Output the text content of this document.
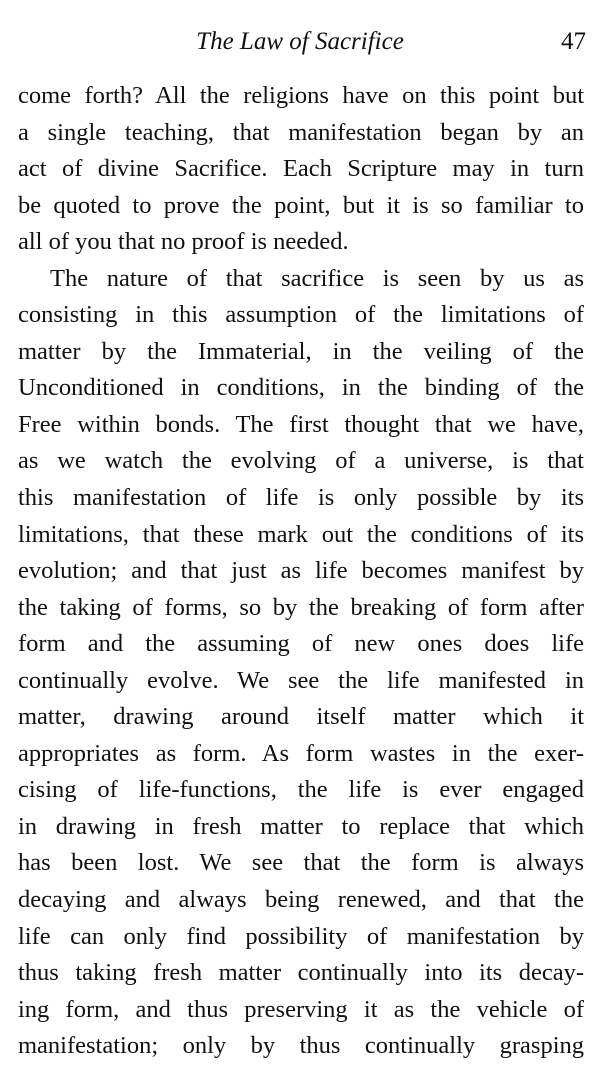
The Law of Sacrifice	47
come forth? All the religions have on this point but
a single teaching, that manifestation began by an
act of divine Sacrifice. Each Scripture may in turn
be quoted to prove the point, but it is so familiar to
all of you that no proof is needed.
The nature of that sacrifice is seen by us as
consisting in this assumption of the limitations of
matter by the Immaterial, in the veiling of the
Unconditioned in conditions, in the binding of the
Free within bonds. The first thought that we have,
as we watch the evolving of a universe, is that
this manifestation of life is only possible by its
limitations, that these mark out the conditions of its
evolution; and that just as life becomes manifest by
the taking of forms, so by the breaking of form after
form and the assuming of new ones does life
continually evolve. We see the life manifested in
matter, drawing around itself matter which it
appropriates as form. As form wastes in the exer-
cising of life-functions, the life is ever engaged
in drawing in fresh matter to replace that which
has been lost. We see that the form is always
decaying and always being renewed, and that the
life can only find possibility of manifestation by
thus taking fresh matter continually into its decay-
ing form, and thus preserving it as the vehicle of
manifestation; only by thus continually grasping
